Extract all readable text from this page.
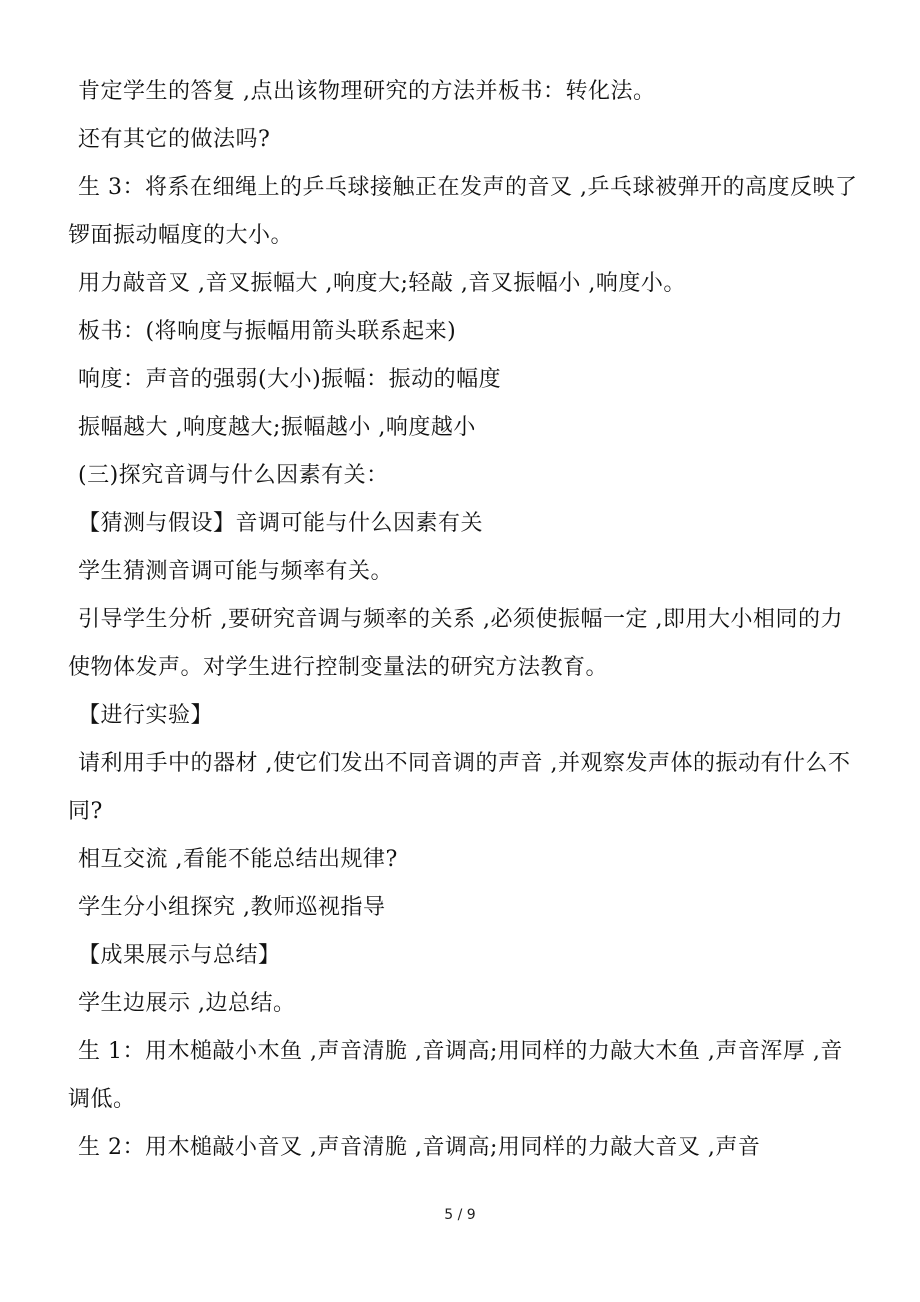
肯定学生的答复 ,点出该物理研究的方法并板书：转化法。

还有其它的做法吗?

生 3：将系在细绳上的乒乓球接触正在发声的音叉 ,乒乓球被弹开的高度反映了锣面振动幅度的大小。

用力敲音叉 ,音叉振幅大 ,响度大;轻敲 ,音叉振幅小 ,响度小。

板书：(将响度与振幅用箭头联系起来)

响度：声音的强弱(大小)振幅：振动的幅度

振幅越大 ,响度越大;振幅越小 ,响度越小

(三)探究音调与什么因素有关：

【猜测与假设】音调可能与什么因素有关

学生猜测音调可能与频率有关。

引导学生分析 ,要研究音调与频率的关系 ,必须使振幅一定 ,即用大小相同的力使物体发声。对学生进行控制变量法的研究方法教育。

【进行实验】

请利用手中的器材 ,使它们发出不同音调的声音 ,并观察发声体的振动有什么不同?

相互交流 ,看能不能总结出规律?

学生分小组探究 ,教师巡视指导

【成果展示与总结】

学生边展示 ,边总结。

生 1：用木槌敲小木鱼 ,声音清脆 ,音调高;用同样的力敲大木鱼 ,声音浑厚 ,音调低。

生 2：用木槌敲小音叉 ,声音清脆 ,音调高;用同样的力敲大音叉 ,声音

5 / 9
